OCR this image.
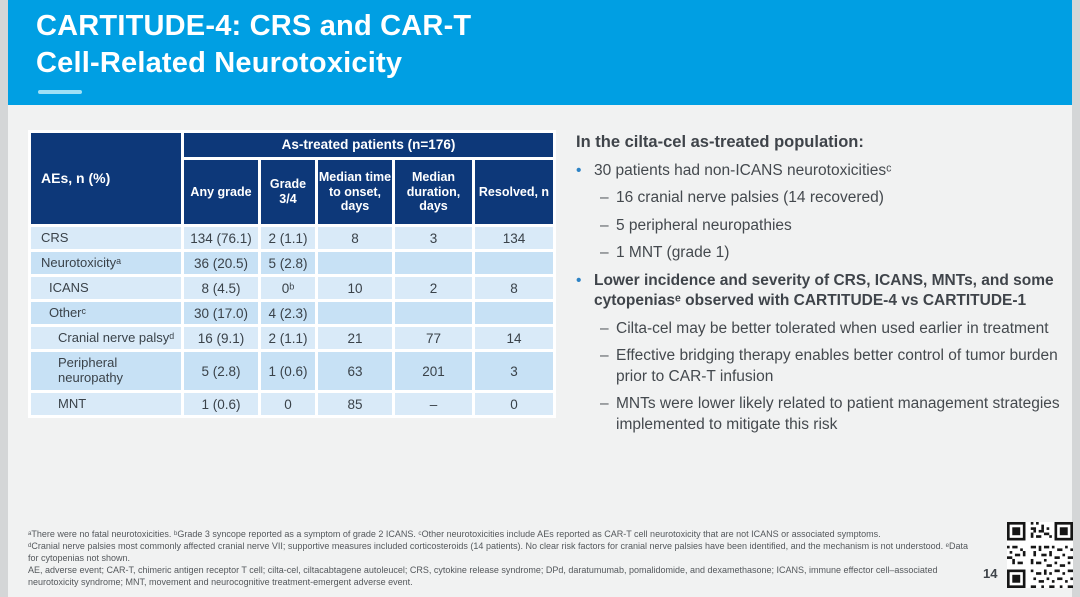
CARTITUDE-4: CRS and CAR-T
Cell-Related Neurotoxicity
AEs, n (%)
As-treated patients (n=176)
Any grade
Grade 3/4
Median time to onset, days
Median duration, days
Resolved, n
CRS	134 (76.1)	2 (1.1)	8	3	134
Neurotoxicityᵃ	36 (20.5)	5 (2.8)
ICANS	8 (4.5)	0ᵇ	10	2	8
Otherᶜ	30 (17.0)	4 (2.3)
Cranial nerve palsyᵈ	16 (9.1)	2 (1.1)	21	77	14
Peripheral neuropathy	5 (2.8)	1 (0.6)	63	201	3
MNT	1 (0.6)	0	85	–	0
In the cilta-cel as-treated population:
• 30 patients had non-ICANS neurotoxicitiesᶜ
– 16 cranial nerve palsies (14 recovered)
– 5 peripheral neuropathies
– 1 MNT (grade 1)
• Lower incidence and severity of CRS, ICANS, MNTs, and some cytopeniasᵉ observed with CARTITUDE-4 vs CARTITUDE-1
– Cilta-cel may be better tolerated when used earlier in treatment
– Effective bridging therapy enables better control of tumor burden prior to CAR-T infusion
– MNTs were lower likely related to patient management strategies implemented to mitigate this risk

ᵃThere were no fatal neurotoxicities. ᵇGrade 3 syncope reported as a symptom of grade 2 ICANS. ᶜOther neurotoxicities include AEs reported as CAR-T cell neurotoxicity that are not ICANS or associated symptoms.

ᵈCranial nerve palsies most commonly affected cranial nerve VII; supportive measures included corticosteroids (14 patients). No clear risk factors for cranial nerve palsies have been identified, and the mechanism is not understood. ᵉData for cytopenias not shown.

AE, adverse event; CAR-T, chimeric antigen receptor T cell; cilta-cel, ciltacabtagene autoleucel; CRS, cytokine release syndrome; DPd, daratumumab, pomalidomide, and dexamethasone; ICANS, immune effector cell–associated neurotoxicity syndrome; MNT, movement and neurocognitive treatment-emergent adverse event.

14
